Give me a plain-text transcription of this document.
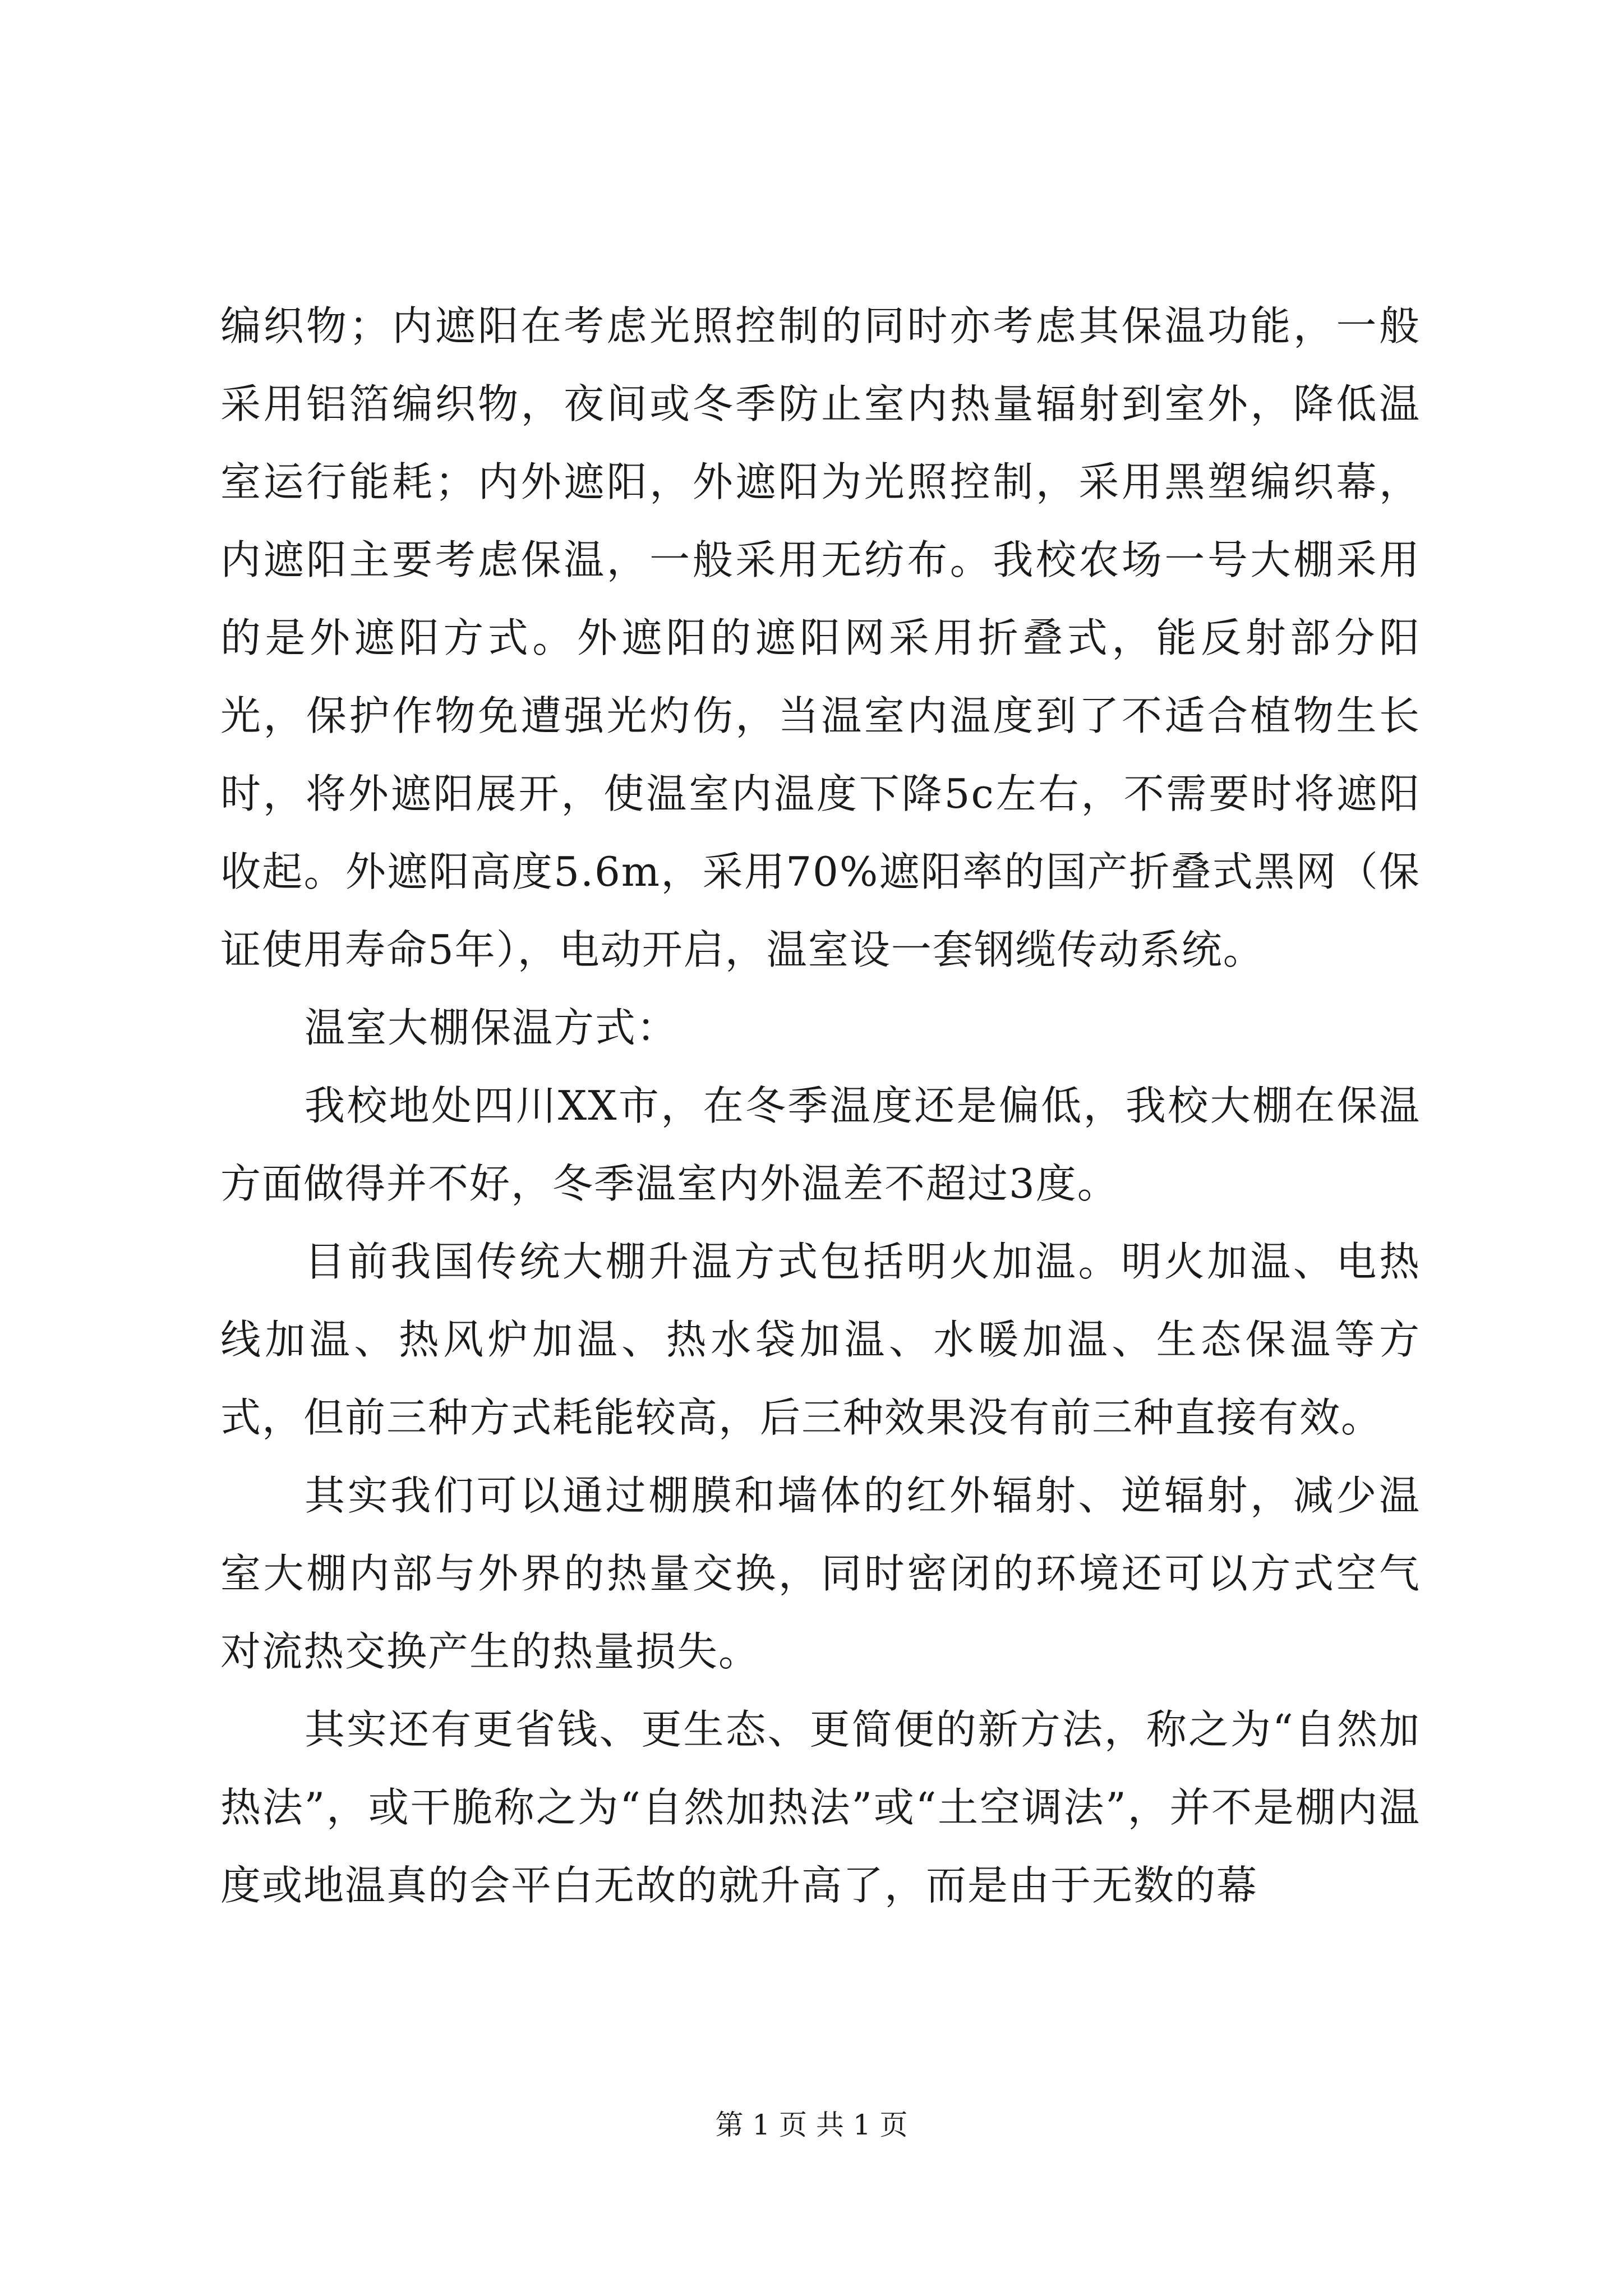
编织物；内遮阳在考虑光照控制的同时亦考虑其保温功能，一般采用铝箔编织物，夜间或冬季防止室内热量辐射到室外，降低温室运行能耗；内外遮阳，外遮阳为光照控制，采用黑塑编织幕，内遮阳主要考虑保温，一般采用无纺布。我校农场一号大棚采用的是外遮阳方式。外遮阳的遮阳网采用折叠式，能反射部分阳光，保护作物免遭强光灼伤，当温室内温度到了不适合植物生长时，将外遮阳展开，使温室内温度下降5c左右，不需要时将遮阳收起。外遮阳高度5.6m，采用70%遮阳率的国产折叠式黑网（保证使用寿命5年），电动开启，温室设一套钢缆传动系统。

温室大棚保温方式：

我校地处四川XX市，在冬季温度还是偏低，我校大棚在保温方面做得并不好，冬季温室内外温差不超过3度。

目前我国传统大棚升温方式包括明火加温。明火加温、电热线加温、热风炉加温、热水袋加温、水暖加温、生态保温等方式，但前三种方式耗能较高，后三种效果没有前三种直接有效。

其实我们可以通过棚膜和墙体的红外辐射、逆辐射，减少温室大棚内部与外界的热量交换，同时密闭的环境还可以方式空气对流热交换产生的热量损失。

其实还有更省钱、更生态、更简便的新方法，称之为“自然加热法”，或干脆称之为“自然加热法”或“土空调法”，并不是棚内温度或地温真的会平白无故的就升高了，而是由于无数的幕

第 1 页 共 1 页
